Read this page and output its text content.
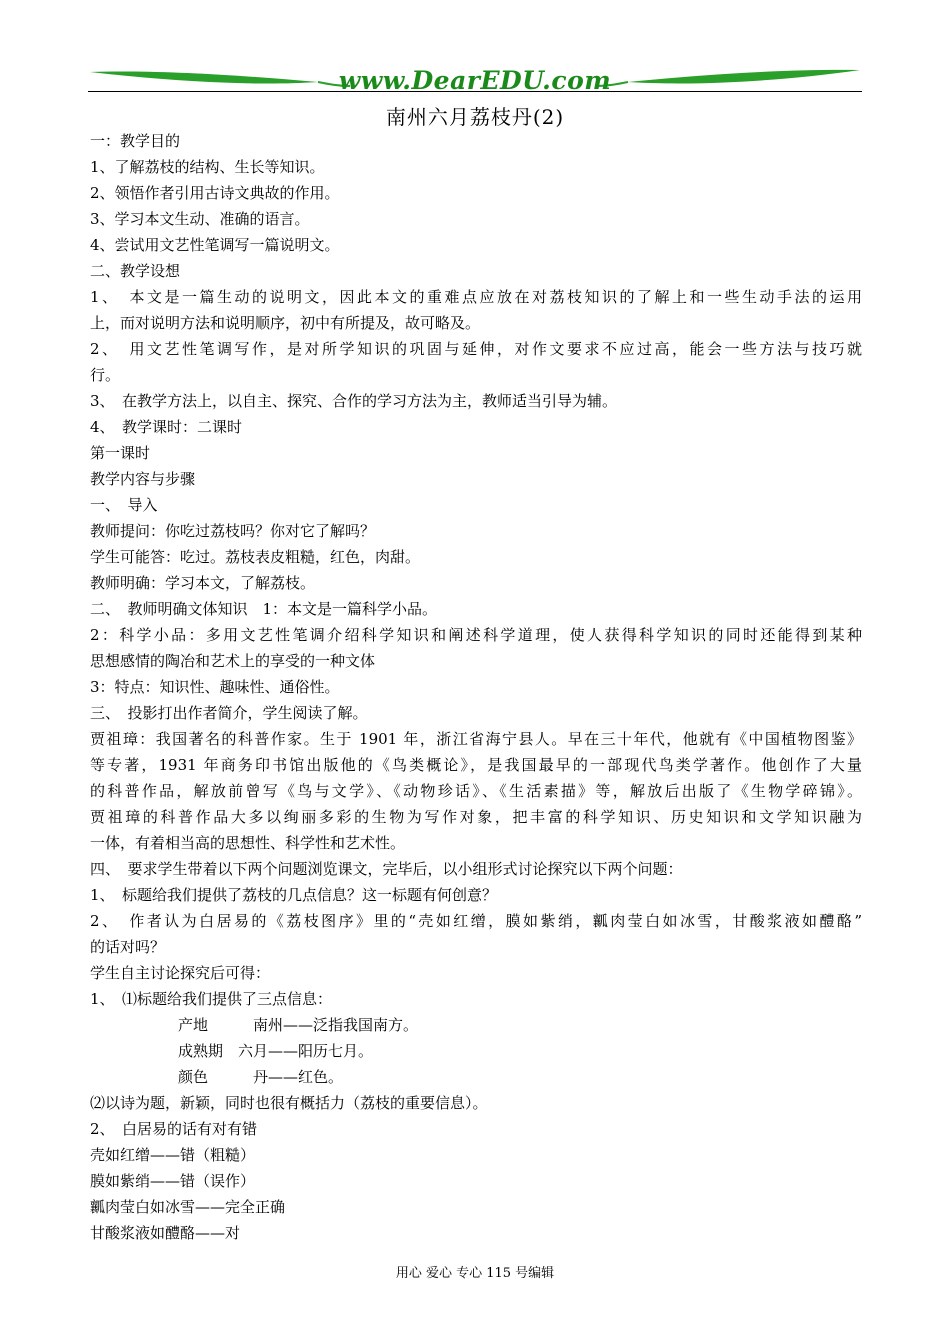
www.DearEDU.com
南州六月荔枝丹(2)
一：教学目的
1、了解荔枝的结构、生长等知识。
2、领悟作者引用古诗文典故的作用。
3、学习本文生动、准确的语言。
4、尝试用文艺性笔调写一篇说明文。
二、教学设想
1、　本文是一篇生动的说明文，因此本文的重难点应放在对荔枝知识的了解上和一些生动手法的运用
上，而对说明方法和说明顺序，初中有所提及，故可略及。
2、　用文艺性笔调写作，是对所学知识的巩固与延伸，对作文要求不应过高，能会一些方法与技巧就
行。
3、　在教学方法上，以自主、探究、合作的学习方法为主，教师适当引导为辅。
4、　教学课时：二课时
第一课时
教学内容与步骤
一、　导入
教师提问：你吃过荔枝吗？你对它了解吗？
学生可能答：吃过。荔枝表皮粗糙，红色，肉甜。
教师明确：学习本文，了解荔枝。
二、　教师明确文体知识　1：本文是一篇科学小品。
2：科学小品：多用文艺性笔调介绍科学知识和阐述科学道理，使人获得科学知识的同时还能得到某种
思想感情的陶冶和艺术上的享受的一种文体
3：特点：知识性、趣味性、通俗性。
三、　投影打出作者简介，学生阅读了解。
贾祖璋：我国著名的科普作家。生于 1901 年，浙江省海宁县人。早在三十年代，他就有《中国植物图鉴》
等专著，1931 年商务印书馆出版他的《鸟类概论》，是我国最早的一部现代鸟类学著作。他创作了大量
的科普作品，解放前曾写《鸟与文学》、《动物珍话》、《生活素描》等，解放后出版了《生物学碎锦》。
贾祖璋的科普作品大多以绚丽多彩的生物为写作对象，把丰富的科学知识、历史知识和文学知识融为
一体，有着相当高的思想性、科学性和艺术性。
四、　要求学生带着以下两个问题浏览课文，完毕后，以小组形式讨论探究以下两个问题：
1、　标题给我们提供了荔枝的几点信息？这一标题有何创意？
2、　作者认为白居易的《荔枝图序》里的“壳如红缯，膜如紫绡，瓤肉莹白如冰雪，甘酸浆液如醴酪”
的话对吗？
学生自主讨论探究后可得：
1、　⑴标题给我们提供了三点信息：
产地　　　南州——泛指我国南方。
成熟期　六月——阳历七月。
颜色　　　丹——红色。
⑵以诗为题，新颖，同时也很有概括力（荔枝的重要信息）。
2、　白居易的话有对有错
壳如红缯——错（粗糙）
膜如紫绡——错（误作）
瓤肉莹白如冰雪——完全正确
甘酸浆液如醴酪——对
用心 爱心 专心 115 号编辑
